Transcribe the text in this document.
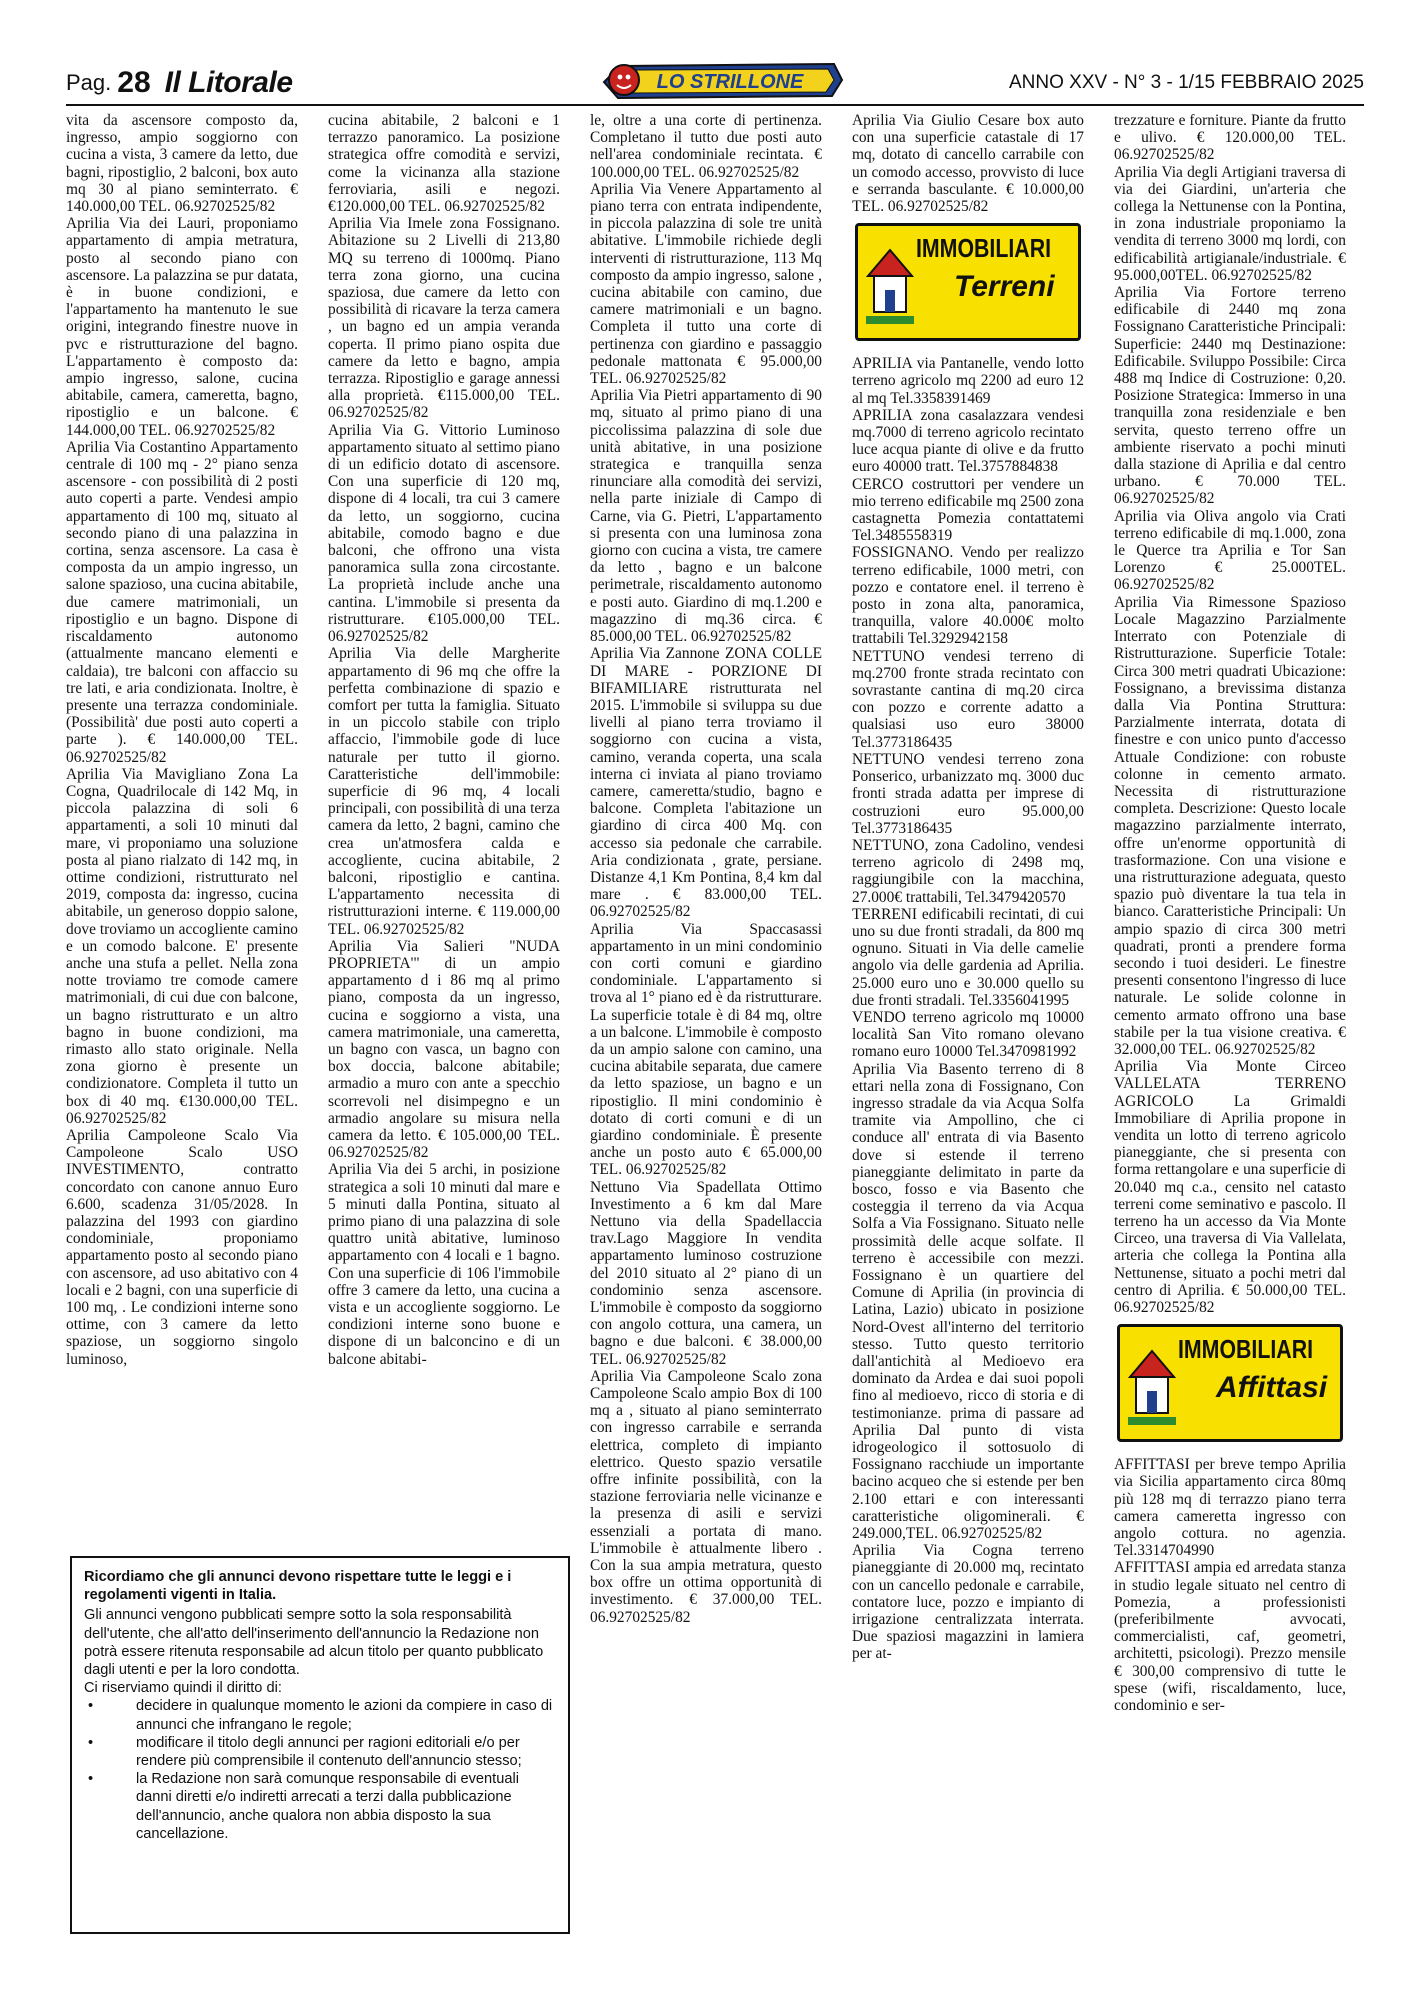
Pag. 28 Il Litorale	LO STRILLONE	ANNO XXV - N° 3 - 1/15 FEBBRAIO 2025

vita da ascensore composto da, ingresso, ampio soggiorno con cucina a vista, 3 camere da letto, due bagni, ripostiglio, 2 balconi, box auto mq 30 al piano seminterrato. € 140.000,00 TEL. 06.92702525/82

Aprilia Via dei Lauri, proponiamo appartamento di ampia metratura, posto al secondo piano con ascensore. La palazzina se pur datata, è in buone condizioni, e l'appartamento ha mantenuto le sue origini, integrando finestre nuove in pvc e ristrutturazione del bagno. L'appartamento è composto da: ampio ingresso, salone, cucina abitabile, camera, cameretta, bagno, ripostiglio e un balcone. € 144.000,00 TEL. 06.92702525/82

Aprilia Via Costantino Appartamento centrale di 100 mq - 2° piano senza ascensore - con possibilità di 2 posti auto coperti a parte. Vendesi ampio appartamento di 100 mq, situato al secondo piano di una palazzina in cortina, senza ascensore. La casa è composta da un ampio ingresso, un salone spazioso, una cucina abitabile, due camere matrimoniali, un ripostiglio e un bagno. Dispone di riscaldamento autonomo (attualmente mancano elementi e caldaia), tre balconi con affaccio su tre lati, e aria condizionata. Inoltre, è presente una terrazza condominiale. (Possibilità' due posti auto coperti a parte ). € 140.000,00 TEL. 06.92702525/82

Aprilia Via Mavigliano Zona La Cogna, Quadrilocale di 142 Mq, in piccola palazzina di soli 6 appartamenti, a soli 10 minuti dal mare, vi proponiamo una soluzione posta al piano rialzato di 142 mq, in ottime condizioni, ristrutturato nel 2019, composta da: ingresso, cucina abitabile, un generoso doppio salone, dove troviamo un accogliente camino e un comodo balcone. E' presente anche una stufa a pellet. Nella zona notte troviamo tre comode camere matrimoniali, di cui due con balcone, un bagno ristrutturato e un altro bagno in buone condizioni, ma rimasto allo stato originale. Nella zona giorno è presente un condizionatore. Completa il tutto un box di 40 mq. €130.000,00 TEL. 06.92702525/82

Aprilia Campoleone Scalo Via Campoleone Scalo USO INVESTIMENTO, contratto concordato con canone annuo Euro 6.600, scadenza 31/05/2028. In palazzina del 1993 con giardino condominiale, proponiamo appartamento posto al secondo piano con ascensore, ad uso abitativo con 4 locali e 2 bagni, con una superficie di 100 mq, . Le condizioni interne sono ottime, con 3 camere da letto spaziose, un soggiorno singolo luminoso,

cucina abitabile, 2 balconi e 1 terrazzo panoramico. La posizione strategica offre comodità e servizi, come la vicinanza alla stazione ferroviaria, asili e negozi. €120.000,00 TEL. 06.92702525/82

Aprilia Via Imele zona Fossignano. Abitazione su 2 Livelli di 213,80 MQ su terreno di 1000mq. Piano terra zona giorno, una cucina spaziosa, due camere da letto con possibilità di ricavare la terza camera , un bagno ed un ampia veranda coperta. Il primo piano ospita due camere da letto e bagno, ampia terrazza. Ripostiglio e garage annessi alla proprietà. €115.000,00 TEL. 06.92702525/82

Aprilia Via G. Vittorio Luminoso appartamento situato al settimo piano di un edificio dotato di ascensore. Con una superficie di 120 mq, dispone di 4 locali, tra cui 3 camere da letto, un soggiorno, cucina abitabile, comodo bagno e due balconi, che offrono una vista panoramica sulla zona circostante. La proprietà include anche una cantina. L'immobile si presenta da ristrutturare. €105.000,00 TEL. 06.92702525/82

Aprilia Via delle Margherite appartamento di 96 mq che offre la perfetta combinazione di spazio e comfort per tutta la famiglia. Situato in un piccolo stabile con triplo affaccio, l'immobile gode di luce naturale per tutto il giorno. Caratteristiche dell'immobile: superficie di 96 mq, 4 locali principali, con possibilità di una terza camera da letto, 2 bagni, camino che crea un'atmosfera calda e accogliente, cucina abitabile, 2 balconi, ripostiglio e cantina. L'appartamento necessita di ristrutturazioni interne. € 119.000,00 TEL. 06.92702525/82

Aprilia Via Salieri "NUDA PROPRIETA'" di un ampio appartamento d i 86 mq al primo piano, composta da un ingresso, cucina e soggiorno a vista, una camera matrimoniale, una cameretta, un bagno con vasca, un bagno con box doccia, balcone abitabile; armadio a muro con ante a specchio scorrevoli nel disimpegno e un armadio angolare su misura nella camera da letto. € 105.000,00 TEL. 06.92702525/82

Aprilia Via dei 5 archi, in posizione strategica a soli 10 minuti dal mare e 5 minuti dalla Pontina, situato al primo piano di una palazzina di sole quattro unità abitative, luminoso appartamento con 4 locali e 1 bagno. Con una superficie di 106 l'immobile offre 3 camere da letto, una cucina a vista e un accogliente soggiorno. Le condizioni interne sono buone e dispone di un balconcino e di un balcone abitabi-

le, oltre a una corte di pertinenza. Completano il tutto due posti auto nell'area condominiale recintata. € 100.000,00 TEL. 06.92702525/82

Aprilia Via Venere Appartamento al piano terra con entrata indipendente, in piccola palazzina di sole tre unità abitative. L'immobile richiede degli interventi di ristrutturazione, 113 Mq composto da ampio ingresso, salone , cucina abitabile con camino, due camere matrimoniali e un bagno. Completa il tutto una corte di pertinenza con giardino e passaggio pedonale mattonata € 95.000,00 TEL. 06.92702525/82

Aprilia Via Pietri appartamento di 90 mq, situato al primo piano di una piccolissima palazzina di sole due unità abitative, in una posizione strategica e tranquilla senza rinunciare alla comodità dei servizi, nella parte iniziale di Campo di Carne, via G. Pietri, L'appartamento si presenta con una luminosa zona giorno con cucina a vista, tre camere da letto , bagno e un balcone perimetrale, riscaldamento autonomo e posti auto. Giardino di mq.1.200 e magazzino di mq.36 circa. € 85.000,00 TEL. 06.92702525/82

Aprilia Via Zannone ZONA COLLE DI MARE - PORZIONE DI BIFAMILIARE ristrutturata nel 2015. L'immobile si sviluppa su due livelli al piano terra troviamo il soggiorno con cucina a vista, camino, veranda coperta, una scala interna ci inviata al piano troviamo camere, cameretta/studio, bagno e balcone. Completa l'abitazione un giardino di circa 400 Mq. con accesso sia pedonale che carrabile. Aria condizionata , grate, persiane. Distanze 4,1 Km Pontina, 8,4 km dal mare . € 83.000,00 TEL. 06.92702525/82

Aprilia Via Spaccasassi appartamento in un mini condominio con corti comuni e giardino condominiale. L'appartamento si trova al 1° piano ed è da ristrutturare. La superficie totale è di 84 mq, oltre a un balcone. L'immobile è composto da un ampio salone con camino, una cucina abitabile separata, due camere da letto spaziose, un bagno e un ripostiglio. Il mini condominio è dotato di corti comuni e di un giardino condominiale. È presente anche un posto auto € 65.000,00 TEL. 06.92702525/82

Nettuno Via Spadellata Ottimo Investimento a 6 km dal Mare Nettuno via della Spadellaccia trav.Lago Maggiore In vendita appartamento luminoso costruzione del 2010 situato al 2° piano di un condominio senza ascensore. L'immobile è composto da soggiorno con angolo cottura, una camera, un bagno e due balconi. € 38.000,00 TEL. 06.92702525/82

Aprilia Via Campoleone Scalo zona Campoleone Scalo ampio Box di 100 mq a , situato al piano seminterrato con ingresso carrabile e serranda elettrica, completo di impianto elettrico. Questo spazio versatile offre infinite possibilità, con la stazione ferroviaria nelle vicinanze e la presenza di asili e servizi essenziali a portata di mano. L'immobile è attualmente libero . Con la sua ampia metratura, questo box offre un ottima opportunità di investimento. € 37.000,00 TEL. 06.92702525/82

Aprilia Via Giulio Cesare box auto con una superficie catastale di 17 mq, dotato di cancello carrabile con un comodo accesso, provvisto di luce e serranda basculante. € 10.000,00 TEL. 06.92702525/82

IMMOBILIARI
Terreni

APRILIA via Pantanelle, vendo lotto terreno agricolo mq 2200 ad euro 12 al mq Tel.3358391469

APRILIA zona casalazzara vendesi mq.7000 di terreno agricolo recintato luce acqua piante di olive e da frutto euro 40000 tratt. Tel.3757884838

CERCO costruttori per vendere un mio terreno edificabile mq 2500 zona castagnetta Pomezia contattatemi Tel.3485558319

FOSSIGNANO. Vendo per realizzo terreno edificabile, 1000 metri, con pozzo e contatore enel. il terreno è posto in zona alta, panoramica, tranquilla, valore 40.000€ molto trattabili Tel.3292942158

NETTUNO vendesi terreno di mq.2700 fronte strada recintato con sovrastante cantina di mq.20 circa con pozzo e corrente adatto a qualsiasi uso euro 38000 Tel.3773186435

NETTUNO vendesi terreno zona Ponserico, urbanizzato mq. 3000 duc fronti strada adatta per imprese di costruzioni euro 95.000,00 Tel.3773186435

NETTUNO, zona Cadolino, vendesi terreno agricolo di 2498 mq, raggiungibile con la macchina, 27.000€ trattabili, Tel.3479420570

TERRENI edificabili recintati, di cui uno su due fronti stradali, da 800 mq ognuno. Situati in Via delle camelie angolo via delle gardenia ad Aprilia. 25.000 euro uno e 30.000 quello su due fronti stradali. Tel.3356041995

VENDO terreno agricolo mq 10000 località San Vito romano olevano romano euro 10000 Tel.3470981992

Aprilia Via Basento terreno di 8 ettari nella zona di Fossignano, Con ingresso stradale da via Acqua Solfa tramite via Ampollino, che ci conduce all' entrata di via Basento dove si estende il terreno pianeggiante delimitato in parte da bosco, fosso e via Basento che costeggia il terreno da via Acqua Solfa a Via Fossignano. Situato nelle prossimità delle acque solfate. Il terreno è accessibile con mezzi. Fossignano è un quartiere del Comune di Aprilia (in provincia di Latina, Lazio) ubicato in posizione Nord-Ovest all'interno del territorio stesso. Tutto questo territorio dall'antichità al Medioevo era dominato da Ardea e dai suoi popoli fino al medioevo, ricco di storia e di testimonianze. prima di passare ad Aprilia Dal punto di vista idrogeologico il sottosuolo di Fossignano racchiude un importante bacino acqueo che si estende per ben 2.100 ettari e con interessanti caratteristiche oligominerali. € 249.000,TEL. 06.92702525/82

Aprilia Via Cogna terreno pianeggiante di 20.000 mq, recintato con un cancello pedonale e carrabile, contatore luce, pozzo e impianto di irrigazione centralizzata interrata. Due spaziosi magazzini in lamiera per at-

trezzature e forniture. Piante da frutto e ulivo. € 120.000,00 TEL. 06.92702525/82

Aprilia Via degli Artigiani traversa di via dei Giardini, un'arteria che collega la Nettunense con la Pontina, in zona industriale proponiamo la vendita di terreno 3000 mq lordi, con edificabilità artigianale/industriale. € 95.000,00TEL. 06.92702525/82

Aprilia Via Fortore terreno edificabile di 2440 mq zona Fossignano Caratteristiche Principali: Superficie: 2440 mq Destinazione: Edificabile. Sviluppo Possibile: Circa 488 mq Indice di Costruzione: 0,20. Posizione Strategica: Immerso in una tranquilla zona residenziale e ben servita, questo terreno offre un ambiente riservato a pochi minuti dalla stazione di Aprilia e dal centro urbano. € 70.000 TEL. 06.92702525/82

Aprilia via Oliva angolo via Crati terreno edificabile di mq.1.000, zona le Querce tra Aprilia e Tor San Lorenzo € 25.000TEL. 06.92702525/82

Aprilia Via Rimessone Spazioso Locale Magazzino Parzialmente Interrato con Potenziale di Ristrutturazione. Superficie Totale: Circa 300 metri quadrati Ubicazione: Fossignano, a brevissima distanza dalla Via Pontina Struttura: Parzialmente interrata, dotata di finestre e con unico punto d'accesso Attuale Condizione: con robuste colonne in cemento armato. Necessita di ristrutturazione completa. Descrizione: Questo locale magazzino parzialmente interrato, offre un'enorme opportunità di trasformazione. Con una visione e una ristrutturazione adeguata, questo spazio può diventare la tua tela in bianco. Caratteristiche Principali: Un ampio spazio di circa 300 metri quadrati, pronti a prendere forma secondo i tuoi desideri. Le finestre presenti consentono l'ingresso di luce naturale. Le solide colonne in cemento armato offrono una base stabile per la tua visione creativa. € 32.000,00 TEL. 06.92702525/82

Aprilia Via Monte Circeo VALLELATA TERRENO AGRICOLO La Grimaldi Immobiliare di Aprilia propone in vendita un lotto di terreno agricolo pianeggiante, che si presenta con forma rettangolare e una superficie di 20.040 mq c.a., censito nel catasto terreni come seminativo e pascolo. Il terreno ha un accesso da Via Monte Circeo, una traversa di Via Vallelata, arteria che collega la Pontina alla Nettunense, situato a pochi metri dal centro di Aprilia. € 50.000,00 TEL. 06.92702525/82

IMMOBILIARI
Affittasi

AFFITTASI per breve tempo Aprilia via Sicilia appartamento circa 80mq più 128 mq di terrazzo piano terra camera cameretta ingresso con angolo cottura. no agenzia. Tel.3314704990

AFFITTASI ampia ed arredata stanza in studio legale situato nel centro di Pomezia, a professionisti (preferibilmente avvocati, commercialisti, caf, geometri, architetti, psicologi). Prezzo mensile € 300,00 comprensivo di tutte le spese (wifi, riscaldamento, luce, condominio e ser-

Ricordiamo che gli annunci devono rispettare tutte le leggi e i regolamenti vigenti in Italia.

Gli annunci vengono pubblicati sempre sotto la sola responsabilità dell'utente, che all'atto dell'inserimento dell'annuncio la Redazione non potrà essere ritenuta responsabile ad alcun titolo per quanto pubblicato dagli utenti e per la loro condotta.

Ci riserviamo quindi il diritto di:

• decidere in qualunque momento le azioni da compiere in caso di annunci che infrangano le regole;
• modificare il titolo degli annunci per ragioni editoriali e/o per rendere più comprensibile il contenuto dell'annuncio stesso;
• la Redazione non sarà comunque responsabile di eventuali danni diretti e/o indiretti arrecati a terzi dalla pubblicazione dell'annuncio, anche qualora non abbia disposto la sua cancellazione.
